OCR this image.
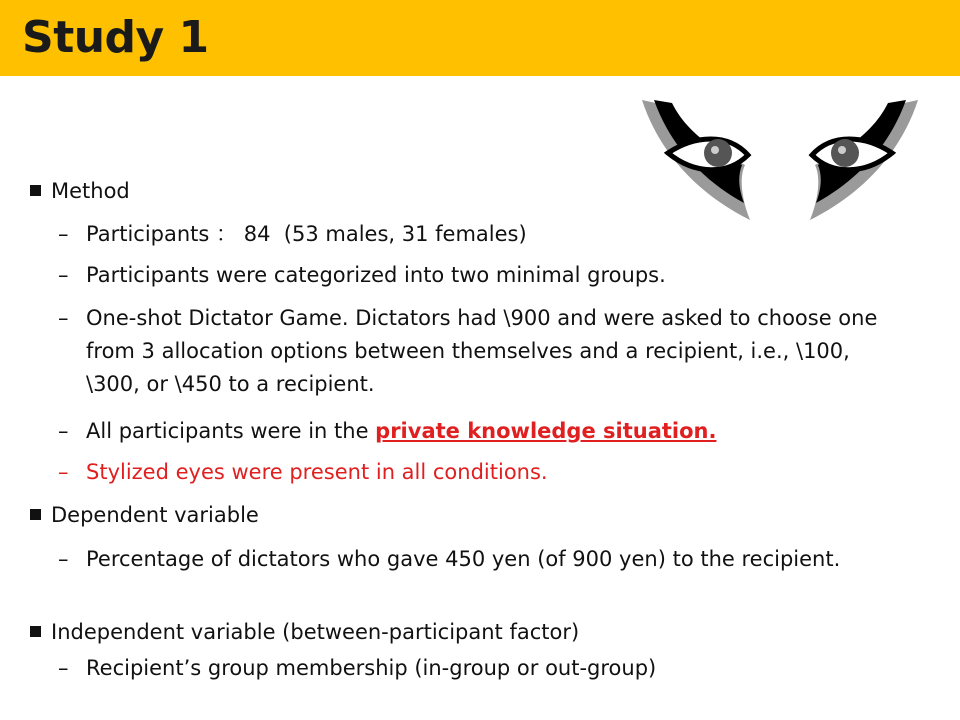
Study 1
Method
– Participants ： 84  (53 males, 31 females)
– Participants were categorized into two minimal groups.
– One-shot Dictator Game. Dictators had \900 and were asked to choose one from 3 allocation options between themselves and a recipient, i.e., \100, \300, or \450 to a recipient.
– All participants were in the private knowledge situation.
– Stylized eyes were present in all conditions.
Dependent variable
– Percentage of dictators who gave 450 yen (of 900 yen) to the recipient.
Independent variable (between-participant factor)
– Recipient’s group membership (in-group or out-group)
